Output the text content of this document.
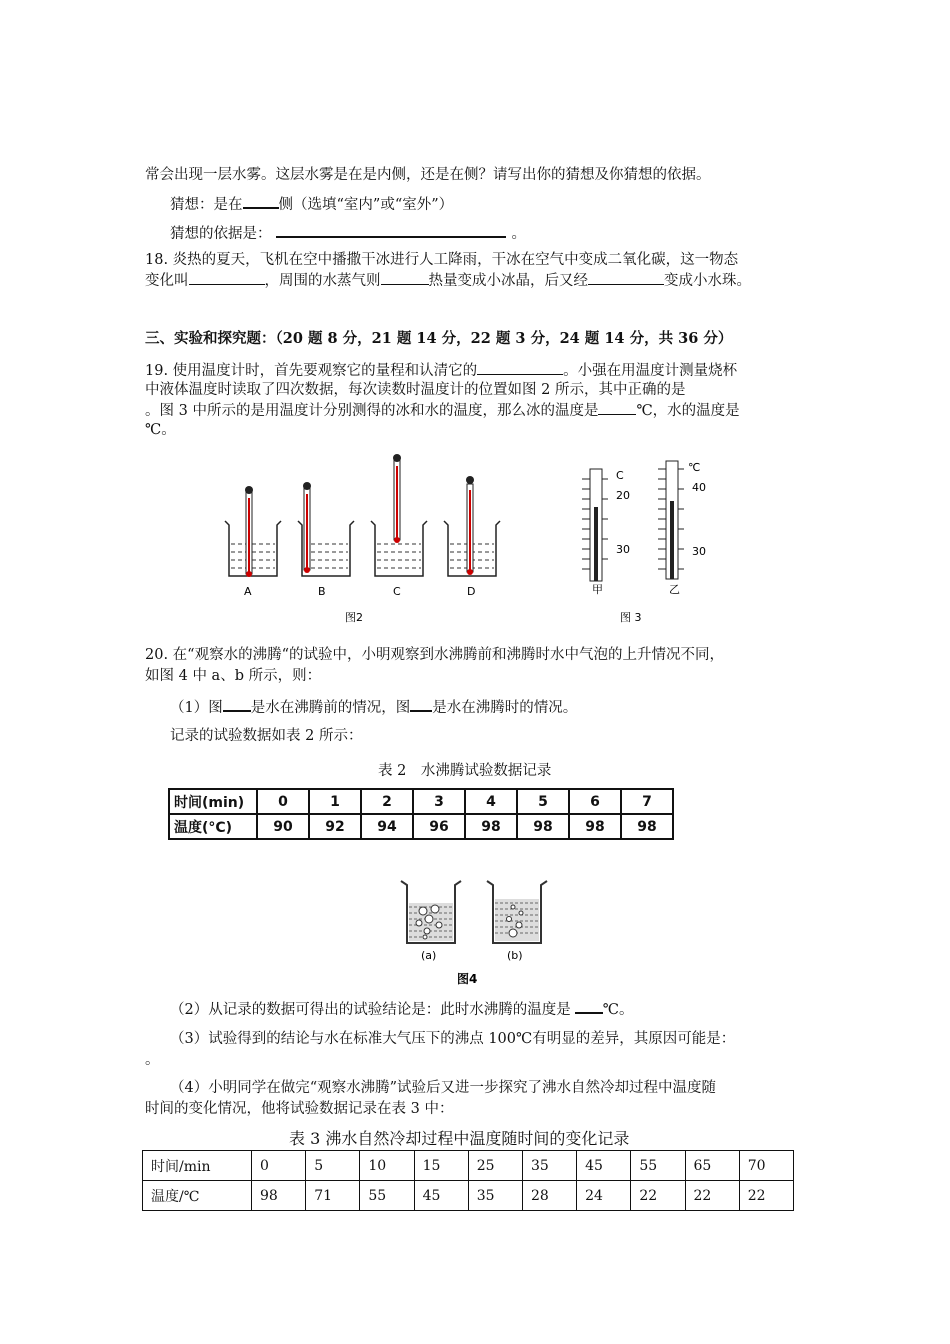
常会出现一层水雾。这层水雾是在是内侧，还是在侧？请写出你的猜想及你猜想的依据。
猜想：是在 侧（选填“室内”或“室外”）
猜想的依据是：	。
18. 炎热的夏天，飞机在空中播撒干冰进行人工降雨，干冰在空气中变成二氧化碳，这一物态
变化叫	，周围的水蒸气则	热量变成小冰晶，后又经	变成小水珠。
三、实验和探究题：（20 题 8 分，21 题 14 分，22 题 3 分，24 题 14 分，共 36 分）
19. 使用温度计时，首先要观察它的量程和认清它的	。小强在用温度计测量烧杯
中液体温度时读取了四次数据，每次读数时温度计的位置如图 2 所示，其中正确的是
。图 3 中所示的是用温度计分别测得的冰和水的温度，那么冰的温度是	℃，水的温度是
℃。
A	B	C	D
图2
C
20
30
甲
℃
40
30
乙
图 3
20. 在“观察水的沸腾“的试验中，小明观察到水沸腾前和沸腾时水中气泡的上升情况不同，
如图 4 中 a、b 所示，则：
（1）图 是水在沸腾前的情况，图 是水在沸腾时的情况。
记录的试验数据如表 2 所示：
表 2　水沸腾试验数据记录
时间(min)	0	1	2	3	4	5	6	7
温度(°C)	90	92	94	96	98	98	98	98
(a)	(b)
图4
（2）从记录的数据可得出的试验结论是：此时水沸腾的温度是 ℃。
（3）试验得到的结论与水在标准大气压下的沸点 100℃有明显的差异，其原因可能是：
。
（4）小明同学在做完“观察水沸腾”试验后又进一步探究了沸水自然冷却过程中温度随
时间的变化情况，他将试验数据记录在表 3 中：
表 3 沸水自然冷却过程中温度随时间的变化记录
时间/min	0	5	10	15	25	35	45	55	65	70
温度/℃	98	71	55	45	35	28	24	22	22	22
